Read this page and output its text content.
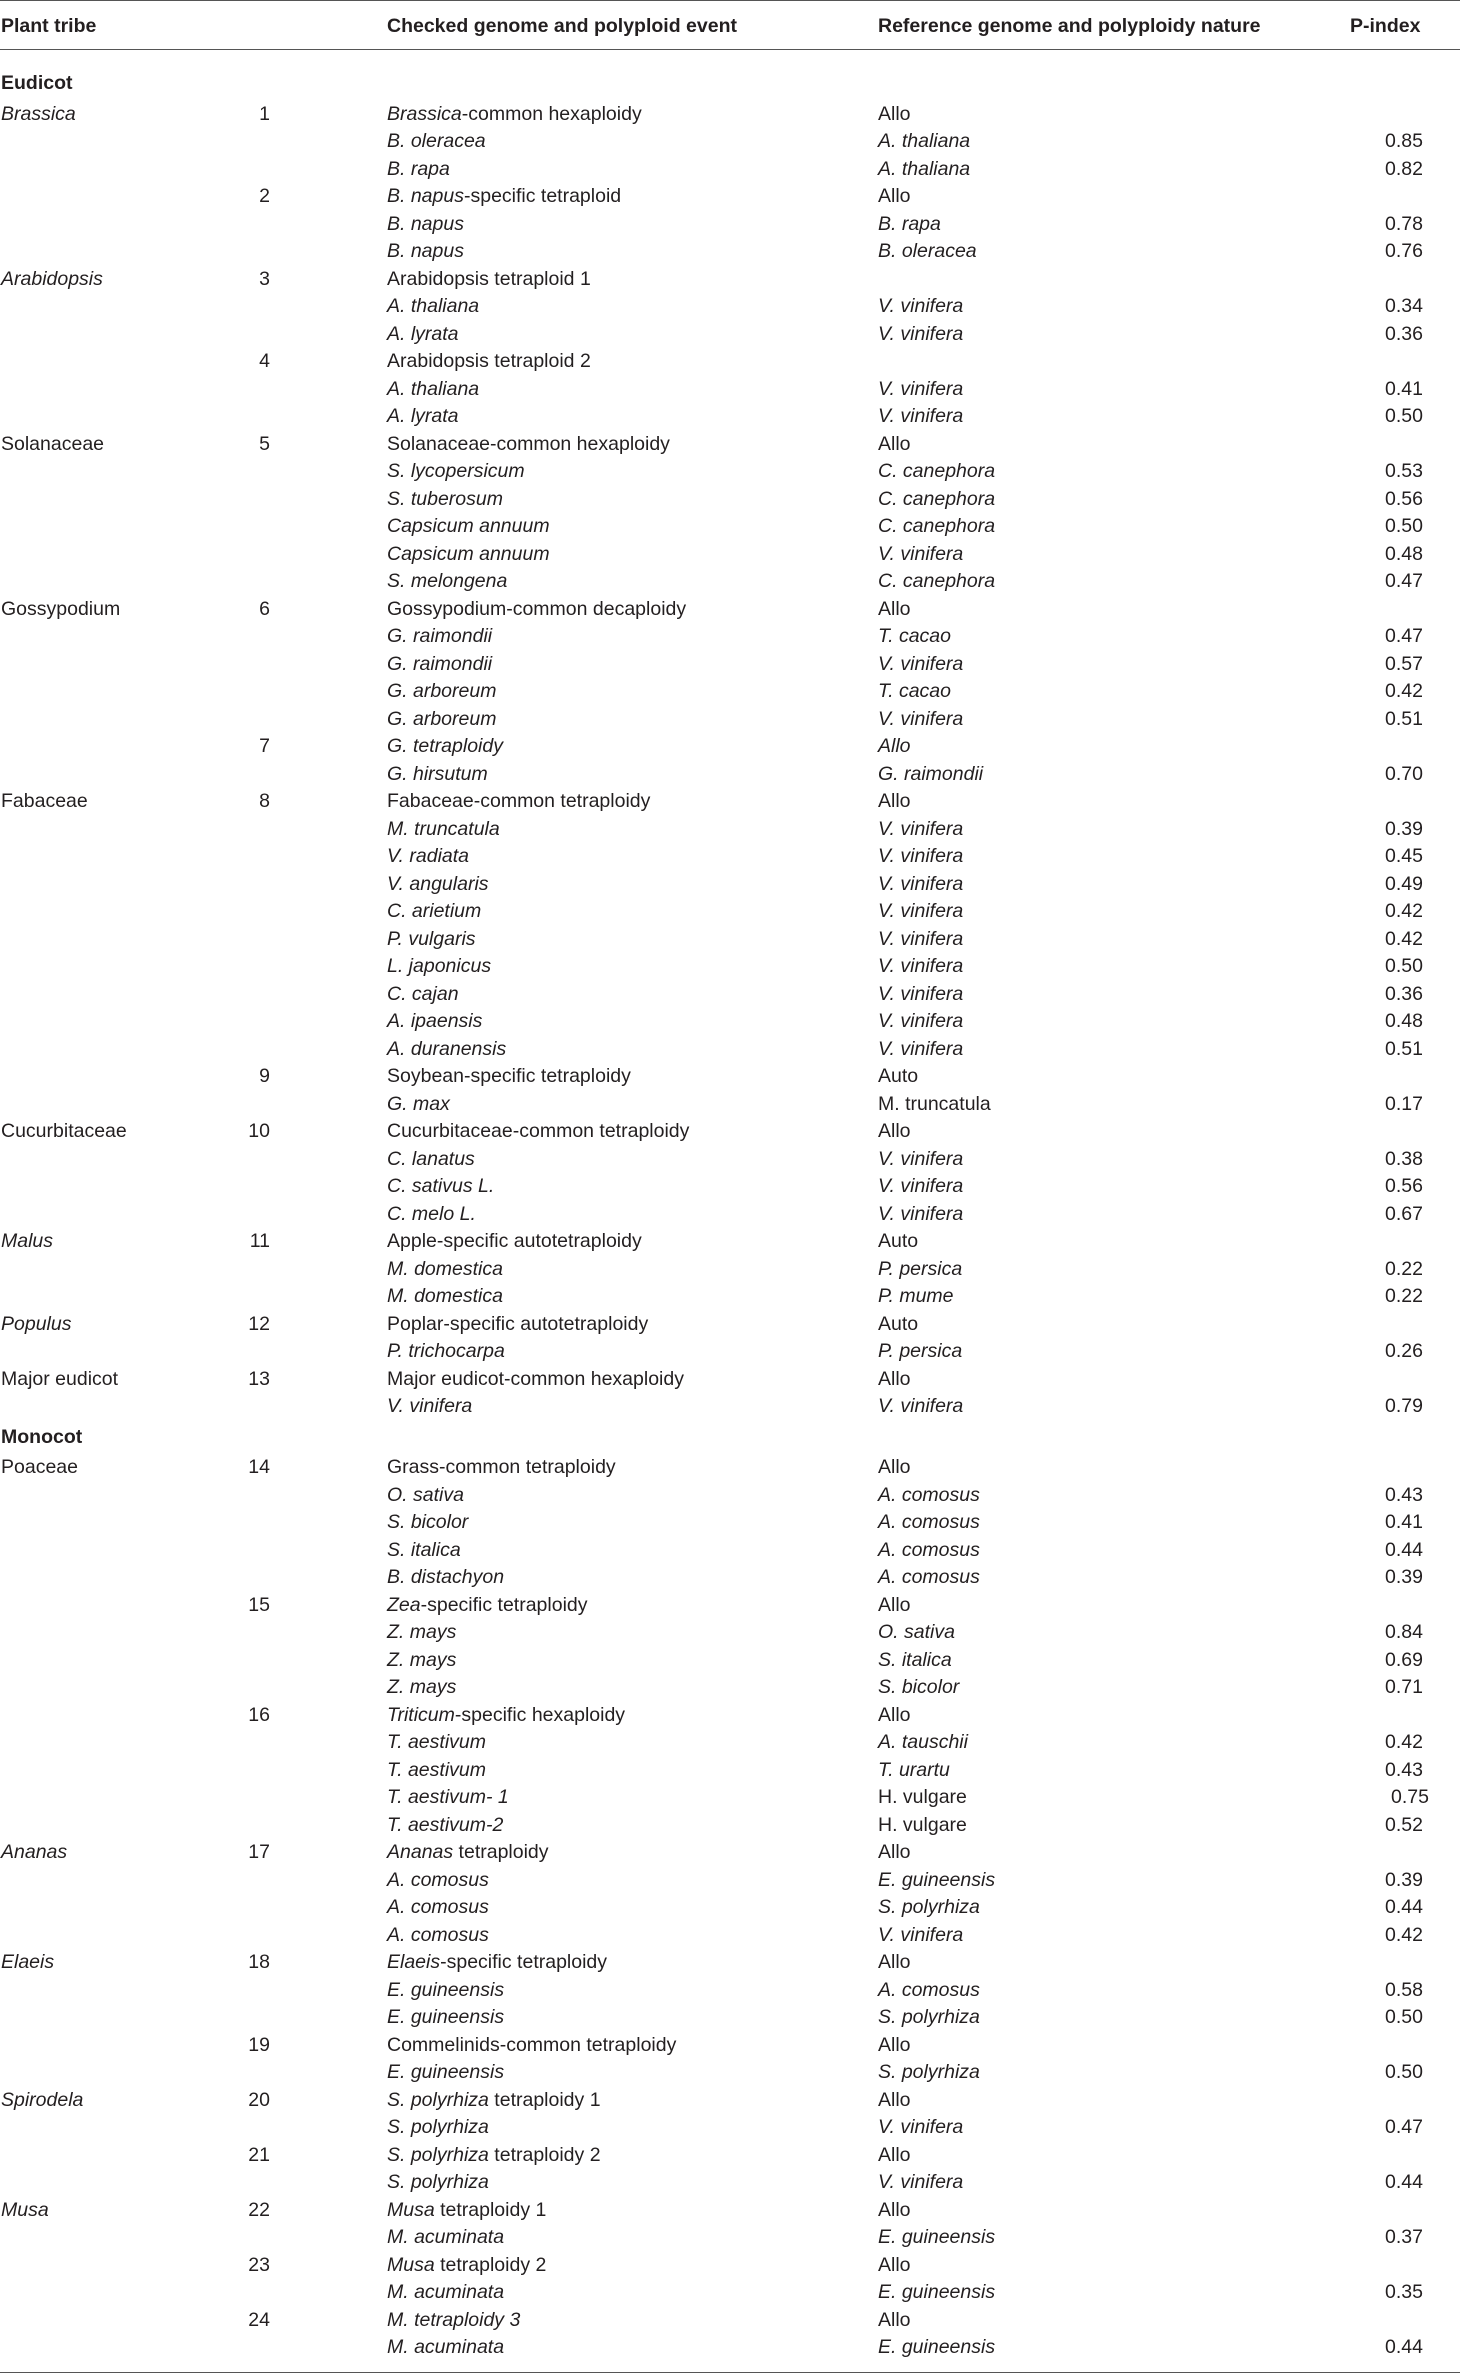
Plant tribe	Checked genome and polyploid event	Reference genome and polyploidy nature	P-index
Eudicot
Brassica	1	Brassica-common hexaploidy	Allo
B. oleracea	A. thaliana	0.85
B. rapa	A. thaliana	0.82
2	B. napus-specific tetraploid	Allo
B. napus	B. rapa	0.78
B. napus	B. oleracea	0.76
Arabidopsis	3	Arabidopsis tetraploid 1
A. thaliana	V. vinifera	0.34
A. lyrata	V. vinifera	0.36
4	Arabidopsis tetraploid 2
A. thaliana	V. vinifera	0.41
A. lyrata	V. vinifera	0.50
Solanaceae	5	Solanaceae-common hexaploidy	Allo
S. lycopersicum	C. canephora	0.53
S. tuberosum	C. canephora	0.56
Capsicum annuum	C. canephora	0.50
Capsicum annuum	V. vinifera	0.48
S. melongena	C. canephora	0.47
Gossypodium	6	Gossypodium-common decaploidy	Allo
G. raimondii	T. cacao	0.47
G. raimondii	V. vinifera	0.57
G. arboreum	T. cacao	0.42
G. arboreum	V. vinifera	0.51
7	G. tetraploidy	Allo
G. hirsutum	G. raimondii	0.70
Fabaceae	8	Fabaceae-common tetraploidy	Allo
M. truncatula	V. vinifera	0.39
V. radiata	V. vinifera	0.45
V. angularis	V. vinifera	0.49
C. arietium	V. vinifera	0.42
P. vulgaris	V. vinifera	0.42
L. japonicus	V. vinifera	0.50
C. cajan	V. vinifera	0.36
A. ipaensis	V. vinifera	0.48
A. duranensis	V. vinifera	0.51
9	Soybean-specific tetraploidy	Auto
G. max	M. truncatula	0.17
Cucurbitaceae	10	Cucurbitaceae-common tetraploidy	Allo
C. lanatus	V. vinifera	0.38
C. sativus L.	V. vinifera	0.56
C. melo L.	V. vinifera	0.67
Malus	11	Apple-specific autotetraploidy	Auto
M. domestica	P. persica	0.22
M. domestica	P. mume	0.22
Populus	12	Poplar-specific autotetraploidy	Auto
P. trichocarpa	P. persica	0.26
Major eudicot	13	Major eudicot-common hexaploidy	Allo
V. vinifera	V. vinifera	0.79
Monocot
Poaceae	14	Grass-common tetraploidy	Allo
O. sativa	A. comosus	0.43
S. bicolor	A. comosus	0.41
S. italica	A. comosus	0.44
B. distachyon	A. comosus	0.39
15	Zea-specific tetraploidy	Allo
Z. mays	O. sativa	0.84
Z. mays	S. italica	0.69
Z. mays	S. bicolor	0.71
16	Triticum-specific hexaploidy	Allo
T. aestivum	A. tauschii	0.42
T. aestivum	T. urartu	0.43
T. aestivum- 1	H. vulgare	0.75
T. aestivum-2	H. vulgare	0.52
Ananas	17	Ananas tetraploidy	Allo
A. comosus	E. guineensis	0.39
A. comosus	S. polyrhiza	0.44
A. comosus	V. vinifera	0.42
Elaeis	18	Elaeis-specific tetraploidy	Allo
E. guineensis	A. comosus	0.58
E. guineensis	S. polyrhiza	0.50
19	Commelinids-common tetraploidy	Allo
E. guineensis	S. polyrhiza	0.50
Spirodela	20	S. polyrhiza tetraploidy 1	Allo
S. polyrhiza	V. vinifera	0.47
21	S. polyrhiza tetraploidy 2	Allo
S. polyrhiza	V. vinifera	0.44
Musa	22	Musa tetraploidy 1	Allo
M. acuminata	E. guineensis	0.37
23	Musa tetraploidy 2	Allo
M. acuminata	E. guineensis	0.35
24	M. tetraploidy 3	Allo
M. acuminata	E. guineensis	0.44
